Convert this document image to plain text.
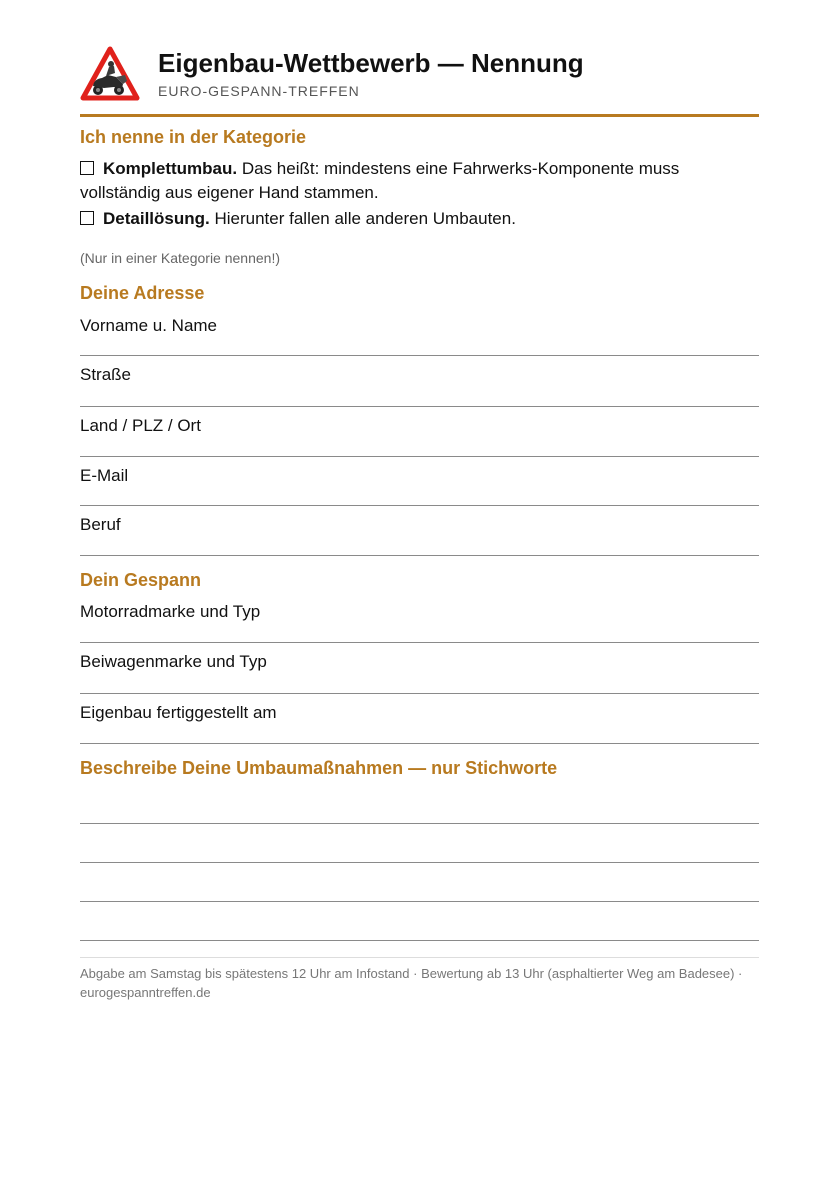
Eigenbau-Wettbewerb — Nennung
EURO-GESPANN-TREFFEN
Ich nenne in der Kategorie
Komplettumbau. Das heißt: mindestens eine Fahrwerks-Komponente muss vollständig aus eigener Hand stammen.
Detaillösung. Hierunter fallen alle anderen Umbauten.
(Nur in einer Kategorie nennen!)
Deine Adresse
Vorname u. Name
Straße
Land / PLZ / Ort
E-Mail
Beruf
Dein Gespann
Motorradmarke und Typ
Beiwagenmarke und Typ
Eigenbau fertiggestellt am
Beschreibe Deine Umbaumaßnahmen — nur Stichworte
Abgabe am Samstag bis spätestens 12 Uhr am Infostand · Bewertung ab 13 Uhr (asphaltierter Weg am Badesee) · eurogespanntreffen.de
